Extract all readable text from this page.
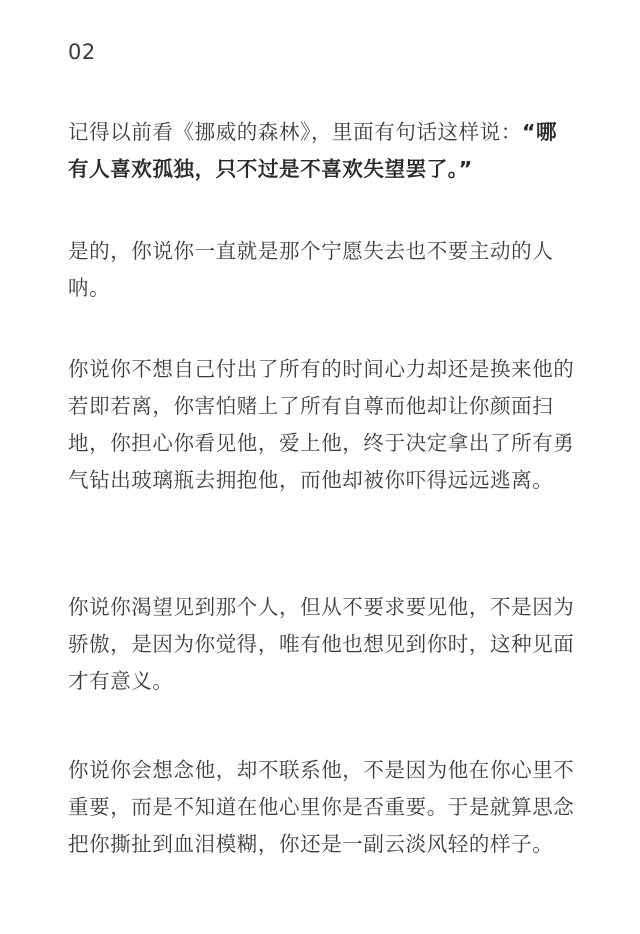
02

记得以前看《挪威的森林》，里面有句话这样说：“哪有人喜欢孤独，只不过是不喜欢失望罢了。”

是的，你说你一直就是那个宁愿失去也不要主动的人呐。

你说你不想自己付出了所有的时间心力却还是换来他的若即若离，你害怕赌上了所有自尊而他却让你颜面扫地，你担心你看见他，爱上他，终于决定拿出了所有勇气钻出玻璃瓶去拥抱他，而他却被你吓得远远逃离。

你说你渴望见到那个人，但从不要求要见他，不是因为骄傲，是因为你觉得，唯有他也想见到你时，这种见面才有意义。

你说你会想念他，却不联系他，不是因为他在你心里不重要，而是不知道在他心里你是否重要。于是就算思念把你撕扯到血泪模糊，你还是一副云淡风轻的样子。
